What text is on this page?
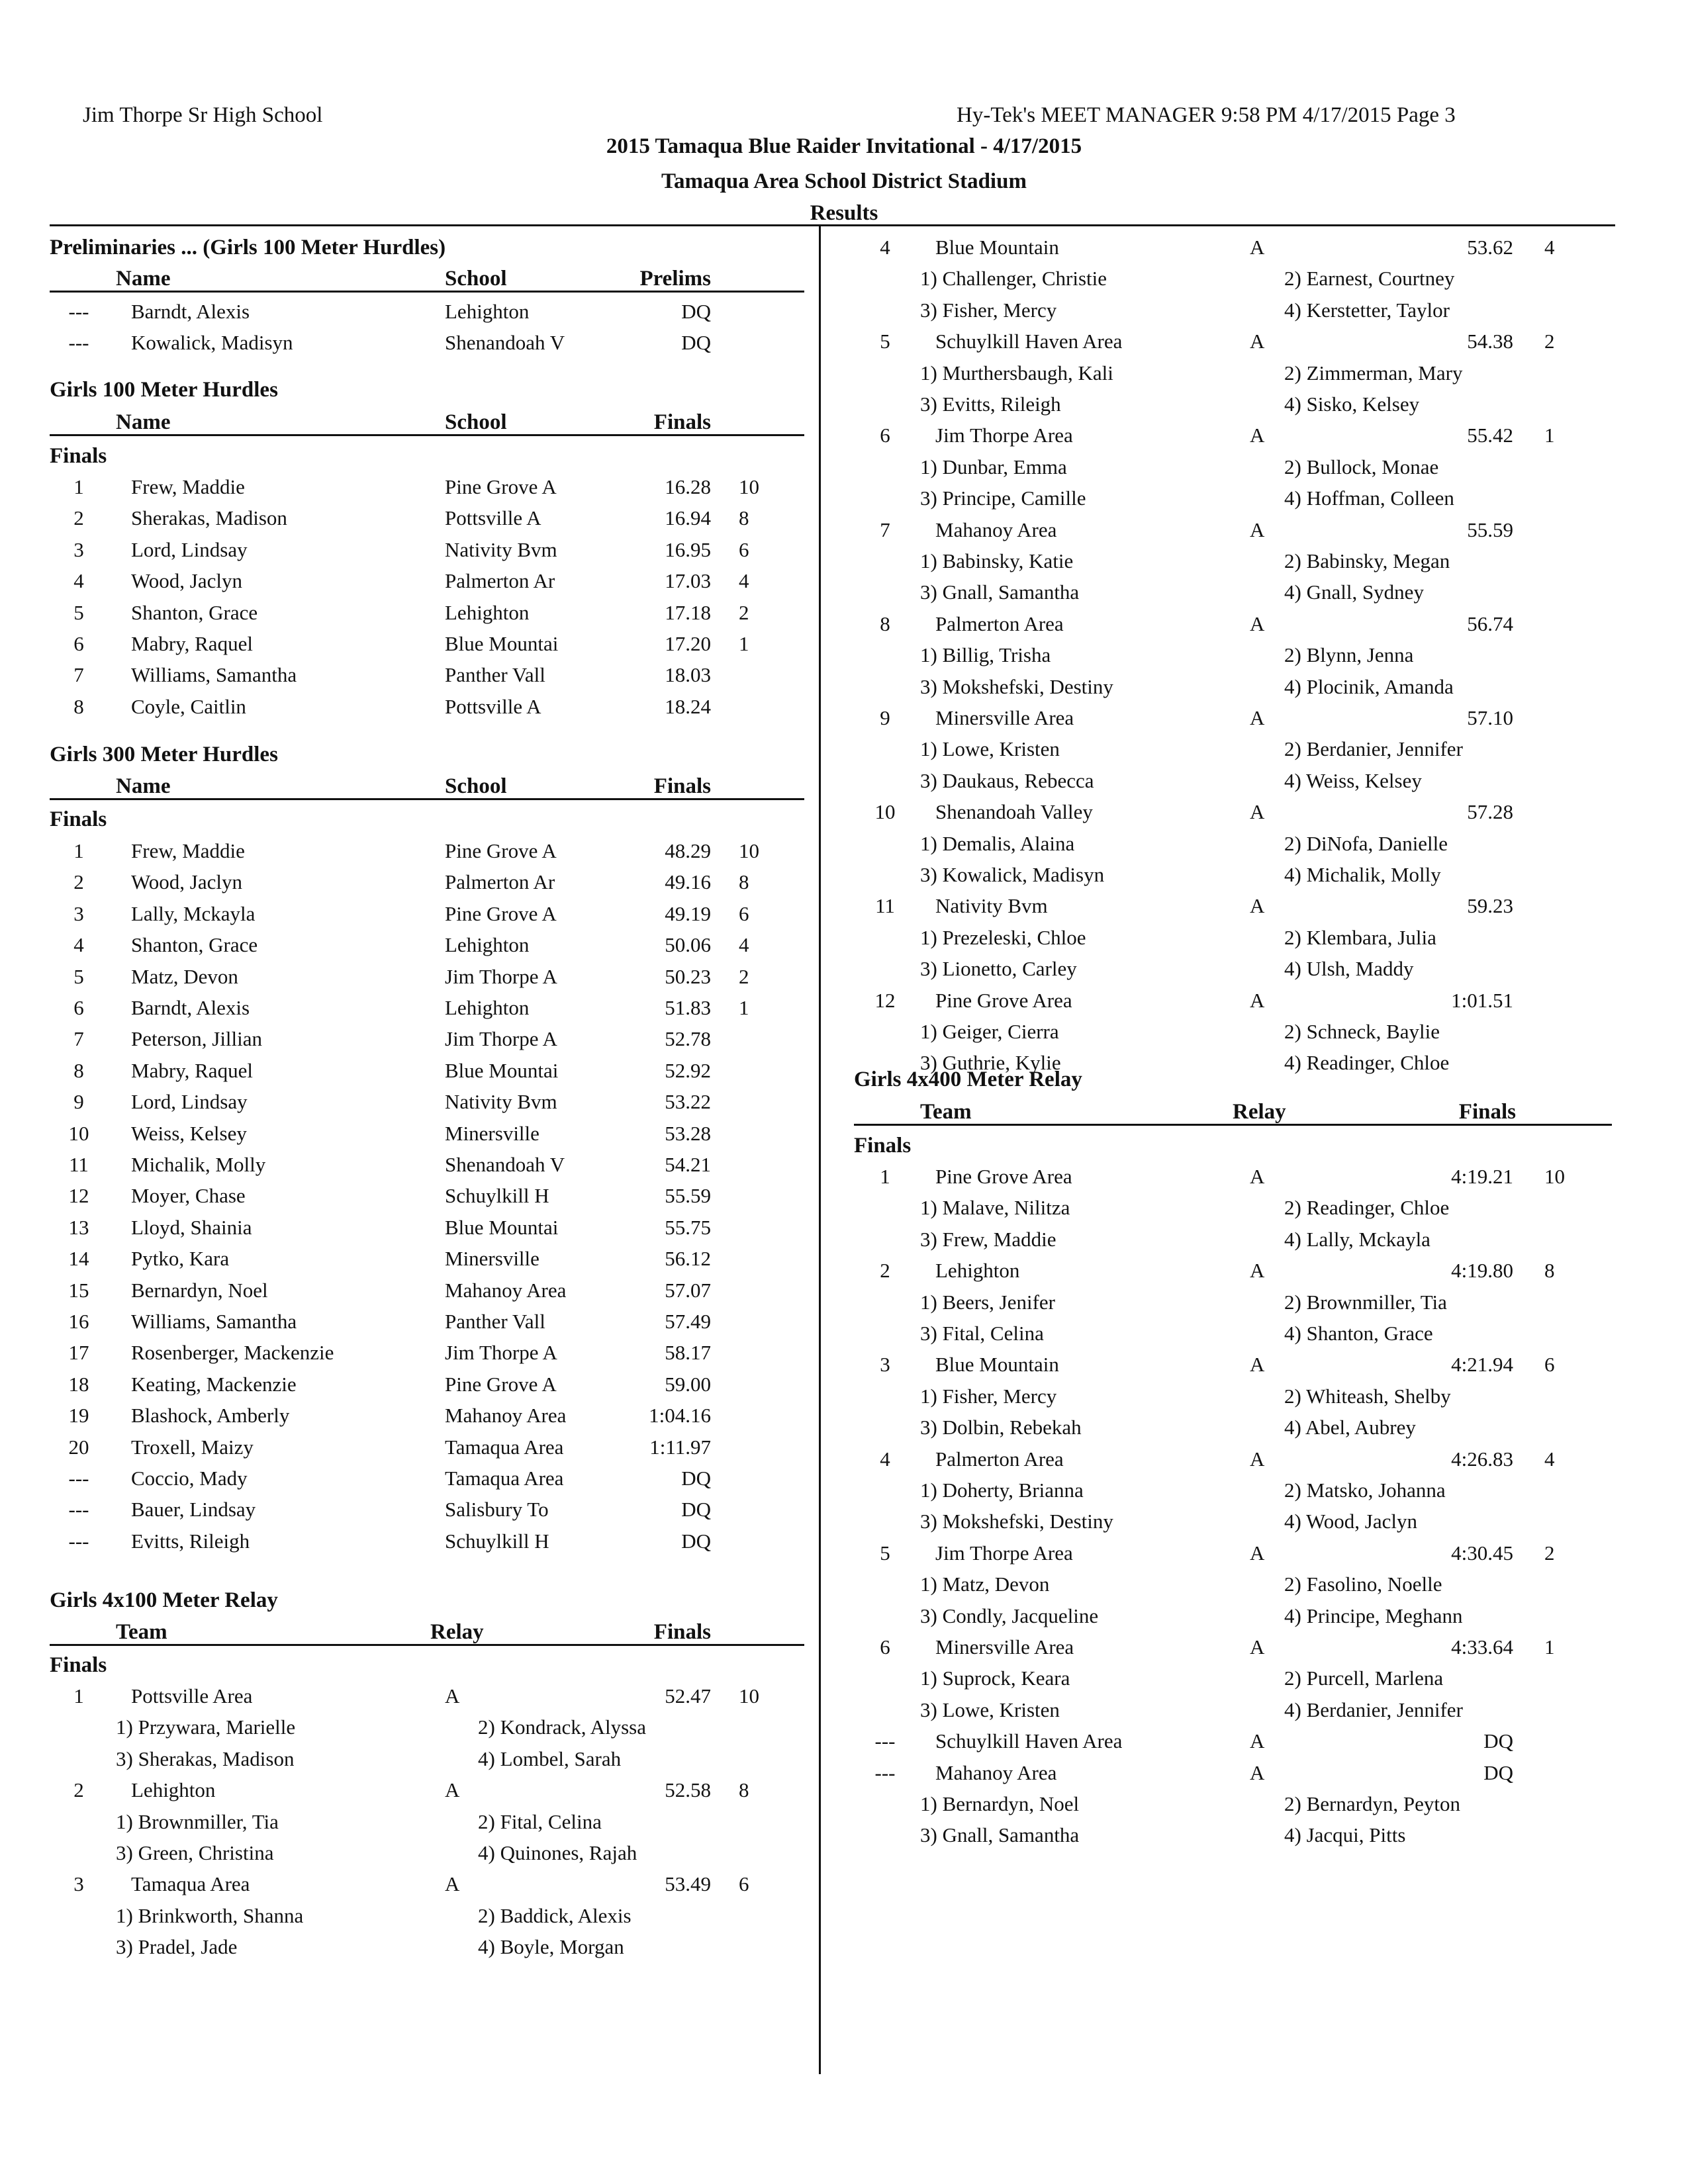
Jim Thorpe Sr High School	Hy-Tek's MEET MANAGER 9:58 PM 4/17/2015 Page 3
2015 Tamaqua Blue Raider Invitational - 4/17/2015
Tamaqua Area School District Stadium
Results
Preliminaries ... (Girls 100 Meter Hurdles)
Name	School	Prelims
---	Barndt, Alexis	Lehighton	DQ
---	Kowalick, Madisyn	Shenandoah V	DQ
Girls 100 Meter Hurdles
Name	School	Finals
Finals
1	Frew, Maddie	Pine Grove A	16.28 10
2	Sherakas, Madison	Pottsville A	16.94 8
3	Lord, Lindsay	Nativity Bvm	16.95 6
4	Wood, Jaclyn	Palmerton Ar	17.03 4
5	Shanton, Grace	Lehighton	17.18 2
6	Mabry, Raquel	Blue Mountai	17.20 1
7	Williams, Samantha	Panther Vall	18.03
8	Coyle, Caitlin	Pottsville A	18.24
Girls 300 Meter Hurdles
Name	School	Finals
Finals
1	Frew, Maddie	Pine Grove A	48.29 10
2	Wood, Jaclyn	Palmerton Ar	49.16 8
3	Lally, Mckayla	Pine Grove A	49.19 6
4	Shanton, Grace	Lehighton	50.06 4
5	Matz, Devon	Jim Thorpe A	50.23 2
6	Barndt, Alexis	Lehighton	51.83 1
7	Peterson, Jillian	Jim Thorpe A	52.78
8	Mabry, Raquel	Blue Mountai	52.92
9	Lord, Lindsay	Nativity Bvm	53.22
10	Weiss, Kelsey	Minersville	53.28
11	Michalik, Molly	Shenandoah V	54.21
12	Moyer, Chase	Schuylkill H	55.59
13	Lloyd, Shainia	Blue Mountai	55.75
14	Pytko, Kara	Minersville	56.12
15	Bernardyn, Noel	Mahanoy Area	57.07
16	Williams, Samantha	Panther Vall	57.49
17	Rosenberger, Mackenzie	Jim Thorpe A	58.17
18	Keating, Mackenzie	Pine Grove A	59.00
19	Blashock, Amberly	Mahanoy Area	1:04.16
20	Troxell, Maizy	Tamaqua Area	1:11.97
---	Coccio, Mady	Tamaqua Area	DQ
---	Bauer, Lindsay	Salisbury To	DQ
---	Evitts, Rileigh	Schuylkill H	DQ
Girls 4x100 Meter Relay
Team	Relay	Finals
Finals
1	Pottsville Area	A	52.47 10
1) Przywara, Marielle	2) Kondrack, Alyssa
3) Sherakas, Madison	4) Lombel, Sarah
2	Lehighton	A	52.58 8
1) Brownmiller, Tia	2) Fital, Celina
3) Green, Christina	4) Quinones, Rajah
3	Tamaqua Area	A	53.49 6
1) Brinkworth, Shanna	2) Baddick, Alexis
3) Pradel, Jade	4) Boyle, Morgan
4	Blue Mountain	A	53.62 4
1) Challenger, Christie	2) Earnest, Courtney
3) Fisher, Mercy	4) Kerstetter, Taylor
5	Schuylkill Haven Area	A	54.38 2
1) Murthersbaugh, Kali	2) Zimmerman, Mary
3) Evitts, Rileigh	4) Sisko, Kelsey
6	Jim Thorpe Area	A	55.42 1
1) Dunbar, Emma	2) Bullock, Monae
3) Principe, Camille	4) Hoffman, Colleen
7	Mahanoy Area	A	55.59
1) Babinsky, Katie	2) Babinsky, Megan
3) Gnall, Samantha	4) Gnall, Sydney
8	Palmerton Area	A	56.74
1) Billig, Trisha	2) Blynn, Jenna
3) Mokshefski, Destiny	4) Plocinik, Amanda
9	Minersville Area	A	57.10
1) Lowe, Kristen	2) Berdanier, Jennifer
3) Daukaus, Rebecca	4) Weiss, Kelsey
10	Shenandoah Valley	A	57.28
1) Demalis, Alaina	2) DiNofa, Danielle
3) Kowalick, Madisyn	4) Michalik, Molly
11	Nativity Bvm	A	59.23
1) Prezeleski, Chloe	2) Klembara, Julia
3) Lionetto, Carley	4) Ulsh, Maddy
12	Pine Grove Area	A	1:01.51
1) Geiger, Cierra	2) Schneck, Baylie
3) Guthrie, Kylie	4) Readinger, Chloe
Girls 4x400 Meter Relay
Team	Relay	Finals
Finals
1	Pine Grove Area	A	4:19.21 10
1) Malave, Nilitza	2) Readinger, Chloe
3) Frew, Maddie	4) Lally, Mckayla
2	Lehighton	A	4:19.80 8
1) Beers, Jenifer	2) Brownmiller, Tia
3) Fital, Celina	4) Shanton, Grace
3	Blue Mountain	A	4:21.94 6
1) Fisher, Mercy	2) Whiteash, Shelby
3) Dolbin, Rebekah	4) Abel, Aubrey
4	Palmerton Area	A	4:26.83 4
1) Doherty, Brianna	2) Matsko, Johanna
3) Mokshefski, Destiny	4) Wood, Jaclyn
5	Jim Thorpe Area	A	4:30.45 2
1) Matz, Devon	2) Fasolino, Noelle
3) Condly, Jacqueline	4) Principe, Meghann
6	Minersville Area	A	4:33.64 1
1) Suprock, Keara	2) Purcell, Marlena
3) Lowe, Kristen	4) Berdanier, Jennifer
---	Schuylkill Haven Area	A	DQ
---	Mahanoy Area	A	DQ
1) Bernardyn, Noel	2) Bernardyn, Peyton
3) Gnall, Samantha	4) Jacqui, Pitts
